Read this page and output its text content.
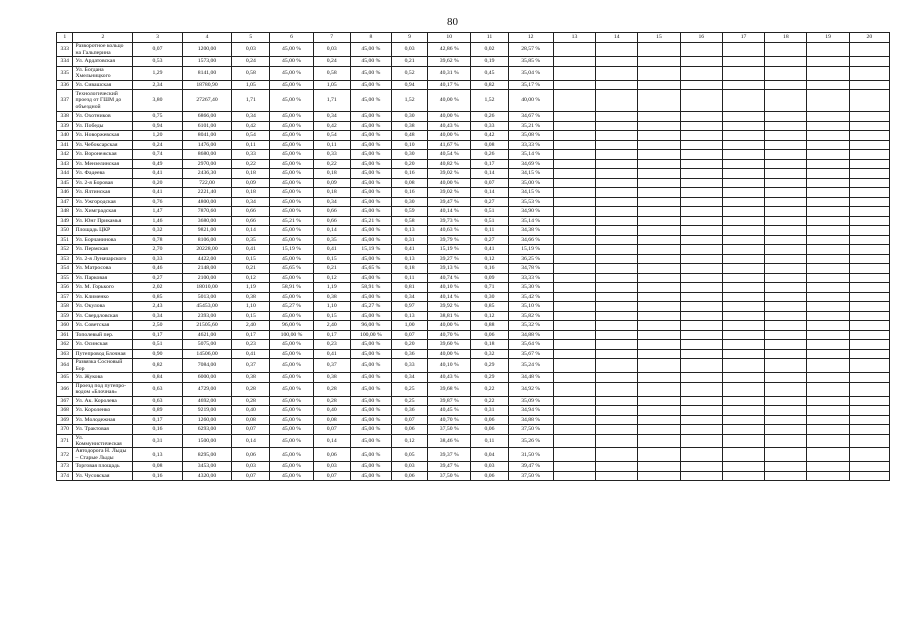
80
1	2	3	4	5	6	7	8	9	10	11	12	13	14	15	16	17	18	19	20
333	Разворотное кольцо на Гальперина	0,07	1200,00	0,03	45,00 %	0,03	45,00 %	0,03	42,86 %	0,02	28,57 %								
334	Ул. Ардатовская	0,53	1573,00	0,24	45,00 %	0,24	45,00 %	0,21	39,62 %	0,19	35,85 %								
335	Ул. Богдана Хмельницкого	1,29	8141,00	0,58	45,00 %	0,58	45,00 %	0,52	40,31 %	0,45	35,04 %								
336	Ул. Сивашская	2,34	18780,90	1,05	45,00 %	1,05	45,00 %	0,94	40,17 %	0,82	35,17 %								
337	Технологический проезд от ГШМ до объездной	3,80	27267,40	1,71	45,00 %	1,71	45,00 %	1,52	40,00 %	1,52	40,00 %								
338	Ул. Охотников	0,75	6866,00	0,34	45,00 %	0,34	45,00 %	0,30	40,00 %	0,26	34,67 %								
339	Ул. Победы	0,94	6101,00	0,42	45,00 %	0,42	45,00 %	0,38	40,43 %	0,33	35,21 %								
340	Ул. Новоржевская	1,20	8041,00	0,54	45,00 %	0,54	45,00 %	0,48	40,00 %	0,42	35,08 %								
341	Ул. Чебоксарская	0,24	1476,00	0,11	45,00 %	0,11	45,00 %	0,10	41,67 %	0,08	33,33 %								
342	Ул. Воронежская	0,74	8680,00	0,33	45,00 %	0,33	45,00 %	0,30	40,54 %	0,26	35,14 %								
343	Ул. Мензелинская	0,49	2970,00	0,22	45,00 %	0,22	45,00 %	0,20	40,82 %	0,17	34,69 %								
344	Ул. Фадеева	0,41	2436,30	0,18	45,00 %	0,18	45,00 %	0,16	39,02 %	0,14	34,15 %								
345	Ул. 2-я Боровая	0,20	722,00	0,09	45,00 %	0,09	45,00 %	0,08	40,00 %	0,07	35,00 %								
346	Ул. Ялтинская	0,41	2221,40	0,18	45,00 %	0,18	45,00 %	0,16	39,02 %	0,14	34,15 %								
347	Ул. Ужгородская	0,76	4800,00	0,34	45,00 %	0,34	45,00 %	0,30	39,47 %	0,27	35,53 %								
348	Ул. Химградская	1,47	7870,60	0,66	45,00 %	0,66	45,00 %	0,59	40,14 %	0,51	34,90 %								
349	Ул. Юнг Прикамья	1,46	3680,00	0,66	45,21 %	0,66	45,21 %	0,58	39,73 %	0,51	35,14 %								
350	Площадь ЦКР	0,32	9821,00	0,14	45,00 %	0,14	45,00 %	0,13	40,63 %	0,11	34,38 %								
351	Ул. Борчанинова	0,78	8106,00	0,35	45,00 %	0,35	45,00 %	0,31	39,79 %	0,27	34,66 %								
352	Ул. Пермская	2,70	20228,00	0,41	15,19 %	0,41	15,19 %	0,41	15,19 %	0,41	15,19 %								
353	Ул. 2-я Луначарского	0,33	4422,00	0,15	45,00 %	0,15	45,00 %	0,13	39,27 %	0,12	36,25 %								
354	Ул. Матросова	0,46	2148,00	0,21	45,65 %	0,21	45,65 %	0,18	39,13 %	0,16	34,78 %								
355	Ул. Парковая	0,27	2100,00	0,12	45,00 %	0,12	45,00 %	0,11	40,74 %	0,09	33,33 %								
356	Ул. М. Горького	2,02	18010,00	1,19	58,91 %	1,19	58,91 %	0,81	40,10 %	0,71	35,30 %								
357	Ул. Клименко	0,85	5013,00	0,38	45,00 %	0,38	45,00 %	0,34	40,14 %	0,30	35,42 %								
358	Ул. Окулова	2,43	45453,00	1,10	45,27 %	1,10	45,27 %	0,97	39,92 %	0,85	35,10 %								
359	Ул. Свердловская	0,34	2393,00	0,15	45,00 %	0,15	45,00 %	0,13	38,81 %	0,12	35,82 %								
360	Ул. Советская	2,50	21505,60	2,40	96,00 %	2,40	96,00 %	1,00	40,00 %	0,88	35,32 %								
361	Тополевый пер.	0,17	4621,00	0,17	100,00 %	0,17	100,00 %	0,07	40,70 %	0,06	34,88 %								
362	Ул. Осинская	0,51	5075,00	0,23	45,00 %	0,23	45,00 %	0,20	39,60 %	0,18	35,64 %								
363	Путепровод Блочная	0,90	14506,00	0,41	45,00 %	0,41	45,00 %	0,36	40,00 %	0,32	35,67 %								
364	Развязка Сосновый Бор	0,82	7084,00	0,37	45,00 %	0,37	45,00 %	0,33	40,10 %	0,29	35,24 %								
365	Ул. Жукова	0,84	6000,00	0,38	45,00 %	0,38	45,00 %	0,34	40,43 %	0,29	34,48 %								
366	Проезд под путепро-водом «Блочная»	0,63	4729,00	0,28	45,00 %	0,28	45,00 %	0,25	39,68 %	0,22	34,92 %								
367	Ул. Ак. Королева	0,63	4692,00	0,28	45,00 %	0,28	45,00 %	0,25	39,87 %	0,22	35,09 %								
368	Ул. Короленко	0,89	9219,00	0,40	45,00 %	0,40	45,00 %	0,36	40,45 %	0,31	34,94 %								
369	Ул. Молодежная	0,17	1260,00	0,08	45,00 %	0,08	45,00 %	0,07	40,70 %	0,06	34,88 %								
370	Ул. Трактовая	0,16	6293,00	0,07	45,00 %	0,07	45,00 %	0,06	37,50 %	0,06	37,50 %								
371	Ул. Коммунистическая	0,31	1500,00	0,14	45,00 %	0,14	45,00 %	0,12	38,46 %	0,11	35,26 %								
372	Автодорога Н. Лыды – Старые Лыды	0,13	8295,00	0,06	45,00 %	0,06	45,00 %	0,05	39,37 %	0,04	31,50 %								
373	Торговая площадь	0,08	3453,00	0,03	45,00 %	0,03	45,00 %	0,03	39,47 %	0,03	39,47 %								
374	Ул. Чусовская	0,16	4320,00	0,07	45,00 %	0,07	45,00 %	0,06	37,50 %	0,06	37,50 %								
